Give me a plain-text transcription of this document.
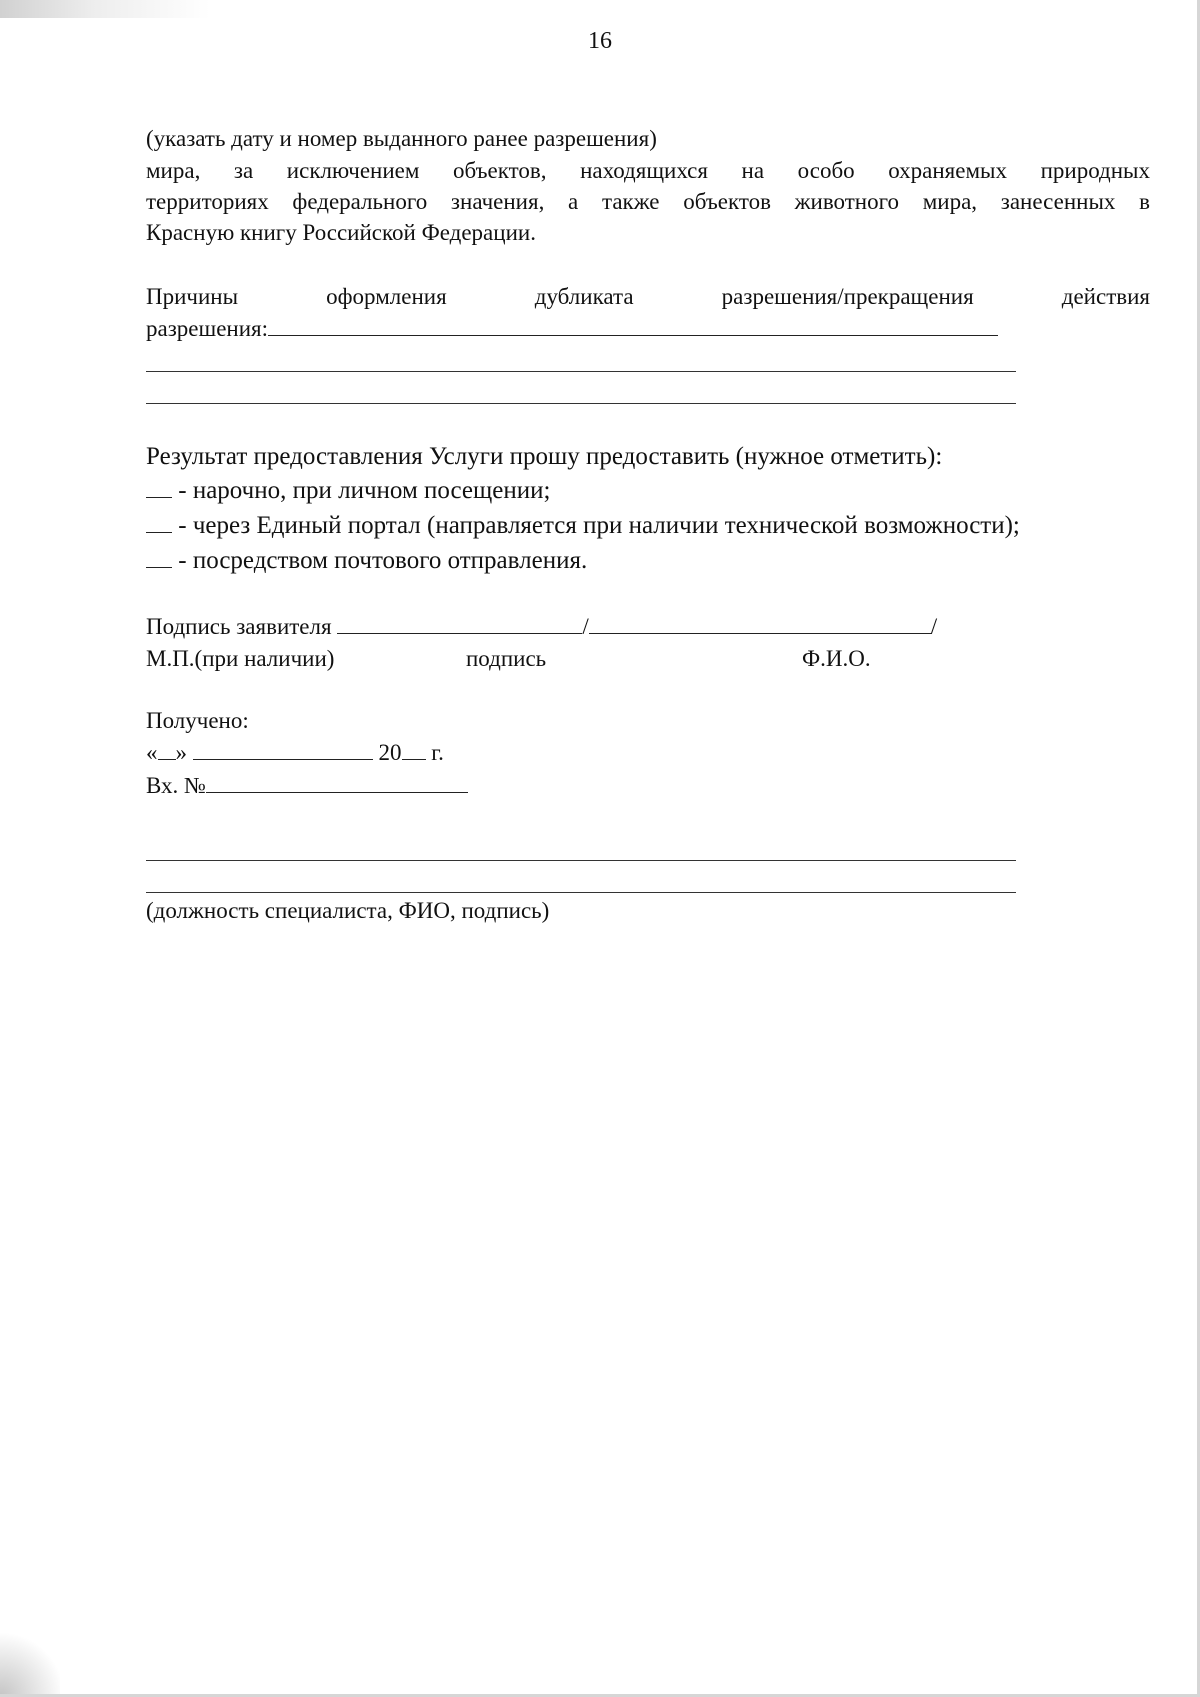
16
(указать дату и номер выданного ранее разрешения)
мира, за исключением объектов, находящихся на особо охраняемых природных
территориях федерального значения, а также объектов животного мира, занесенных в
Красную книгу Российской Федерации.
Причины оформления дубликата разрешения/прекращения действия
разрешения:
Результат предоставления Услуги прошу предоставить (нужное отметить):
- нарочно, при личном посещении;
- через Единый портал (направляется при наличии технической возможности);
- посредством почтового отправления.
Подпись заявителя	/	/
М.П.(при наличии)	подпись	Ф.И.О.
Получено:
« »	20 г.
Вх. №
(должность специалиста, ФИО, подпись)
